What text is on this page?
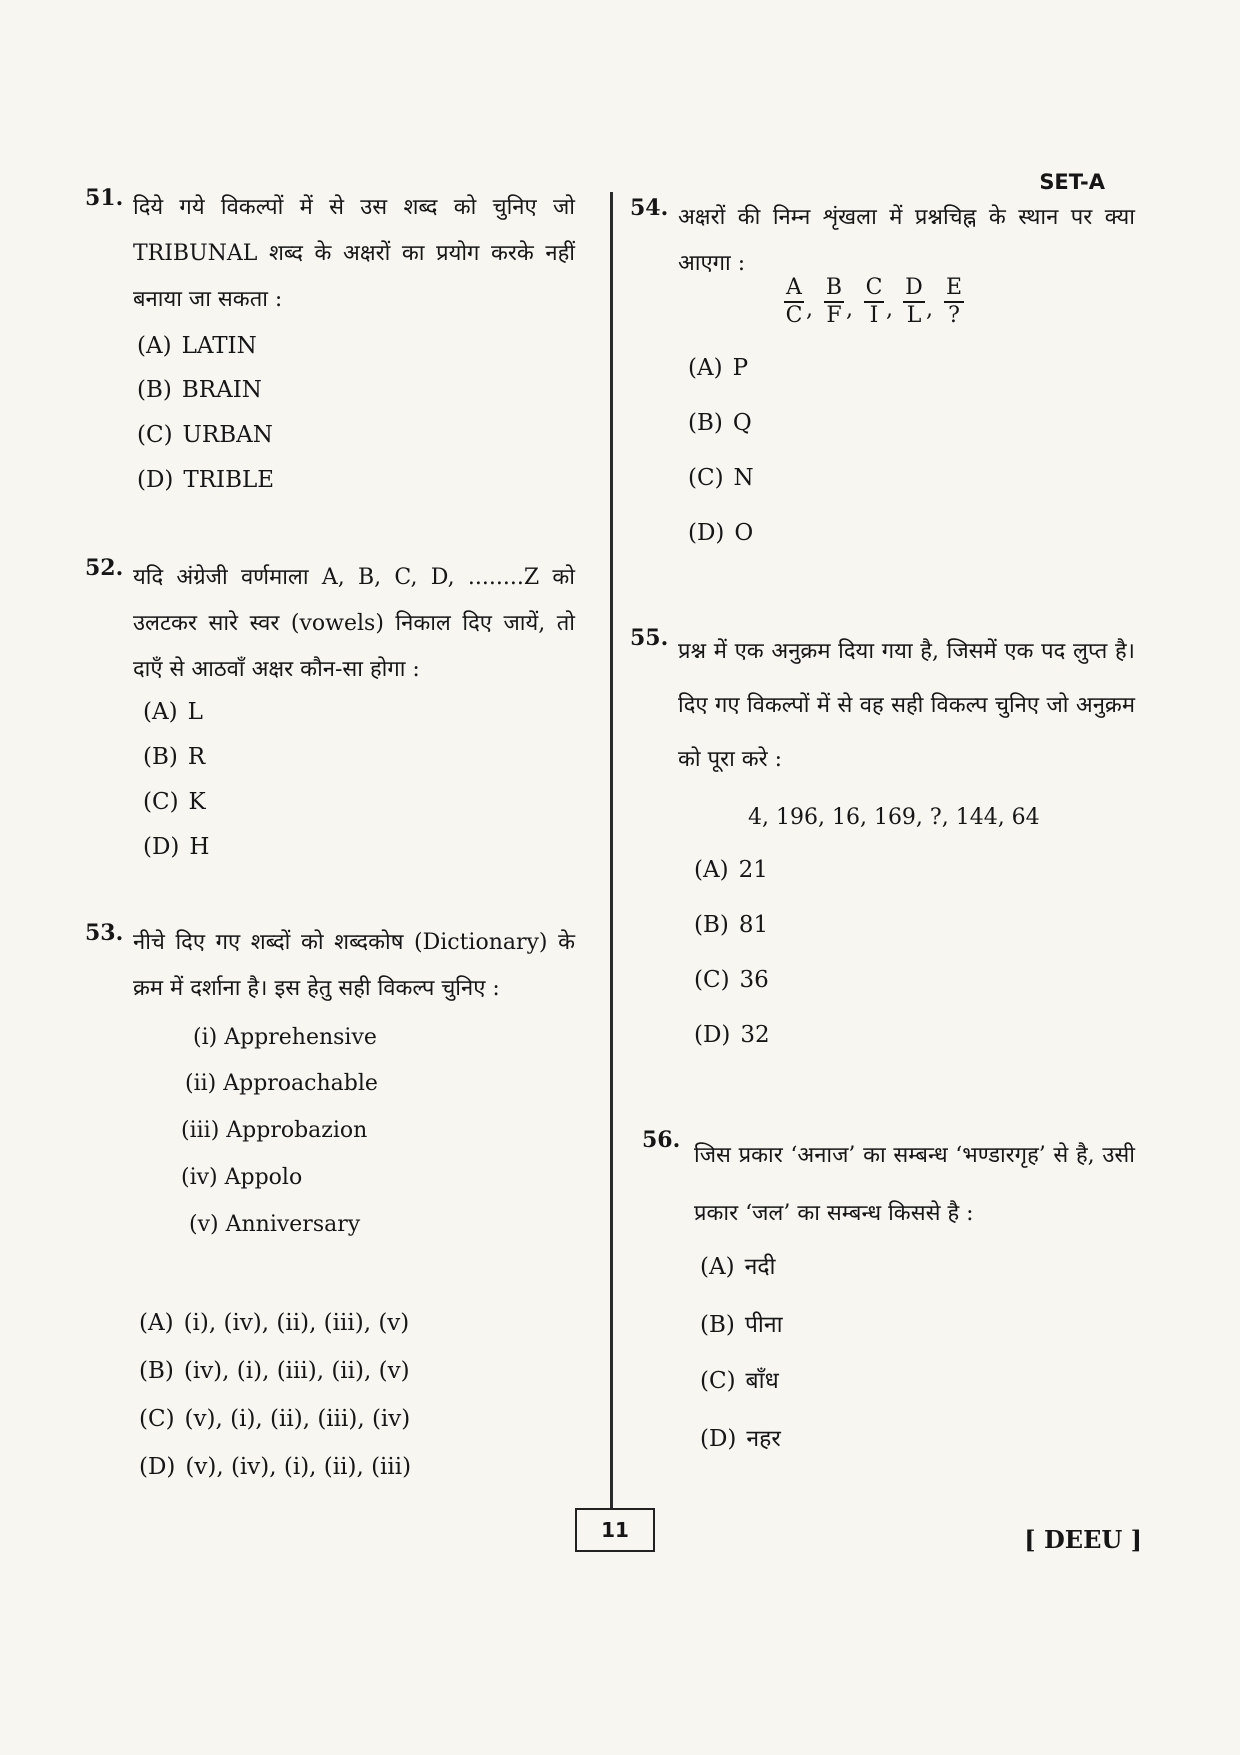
SET-A
51. दिये गये विकल्पों में से उस शब्द को चुनिए जो TRIBUNAL शब्द के अक्षरों का प्रयोग करके नहीं बनाया जा सकता :
(A) LATIN
(B) BRAIN
(C) URBAN
(D) TRIBLE
52. यदि अंग्रेजी वर्णमाला A, B, C, D, ........Z को उलटकर सारे स्वर (vowels) निकाल दिए जायें, तो दाएँ से आठवाँ अक्षर कौन-सा होगा :
(A) L
(B) R
(C) K
(D) H
53. नीचे दिए गए शब्दों को शब्दकोष (Dictionary) के क्रम में दर्शाना है। इस हेतु सही विकल्प चुनिए :
(i) Apprehensive
(ii) Approachable
(iii) Approbazion
(iv) Appolo
(v) Anniversary
(A) (i), (iv), (ii), (iii), (v)
(B) (iv), (i), (iii), (ii), (v)
(C) (v), (i), (ii), (iii), (iv)
(D) (v), (iv), (i), (ii), (iii)
54. अक्षरों की निम्न शृंखला में प्रश्नचिह्न के स्थान पर क्या आएगा :
$\frac{A}{C}$ , $\frac{B}{F}$ , $\frac{C}{I}$ , $\frac{D}{L}$ , $\frac{E}{?}$
(A) P
(B) Q
(C) N
(D) O
55.
प्रश्न में एक अनुक्रम दिया गया है, जिसमें एक पद लुप्त है। दिए गए विकल्पों में से वह सही विकल्प चुनिए जो अनुक्रम को पूरा करे :
4, 196, 16, 169, ?, 144, 64
(A) 21
(B) 81
(C) 36
(D) 32
56.
जिस प्रकार ‘अनाज’ का सम्बन्ध ‘भण्डारगृह’ से है, उसी प्रकार ‘जल’ का सम्बन्ध किससे है :
(A) नदी
(B) पीना
(C) बाँध
(D) नहर
11	[ DEEU ]
